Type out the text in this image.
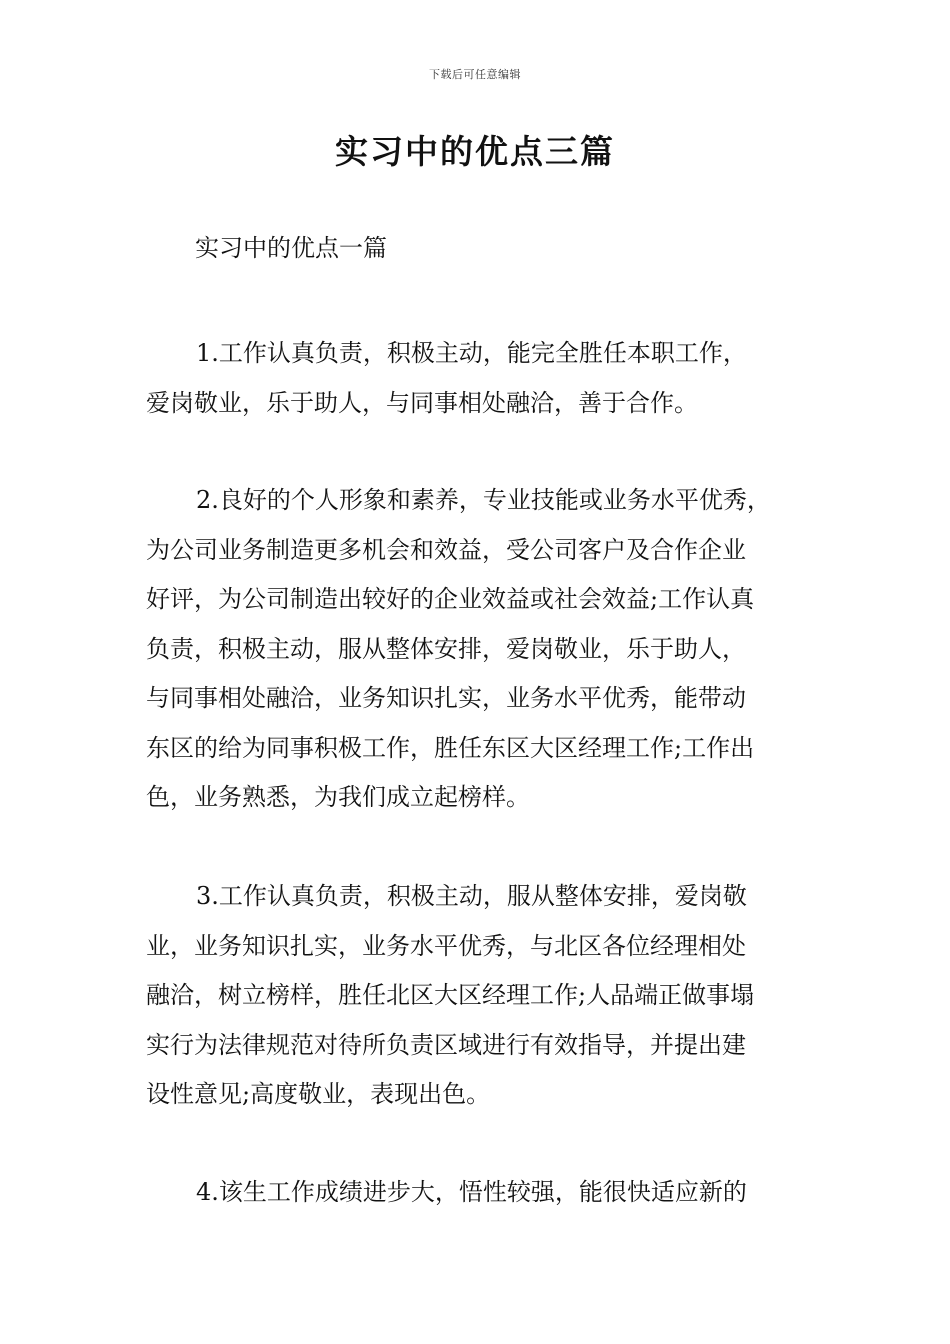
下载后可任意编辑
实习中的优点三篇

实习中的优点一篇

1.工作认真负责，积极主动，能完全胜任本职工作，
爱岗敬业，乐于助人，与同事相处融洽，善于合作。

2.良好的个人形象和素养，专业技能或业务水平优秀，
为公司业务制造更多机会和效益，受公司客户及合作企业
好评，为公司制造出较好的企业效益或社会效益;工作认真
负责，积极主动，服从整体安排，爱岗敬业，乐于助人，
与同事相处融洽，业务知识扎实，业务水平优秀，能带动
东区的给为同事积极工作，胜任东区大区经理工作;工作出
色，业务熟悉，为我们成立起榜样。

3.工作认真负责，积极主动，服从整体安排，爱岗敬
业，业务知识扎实，业务水平优秀，与北区各位经理相处
融洽，树立榜样，胜任北区大区经理工作;人品端正做事塌
实行为法律规范对待所负责区域进行有效指导，并提出建
设性意见;高度敬业，表现出色。

4.该生工作成绩进步大，悟性较强，能很快适应新的
